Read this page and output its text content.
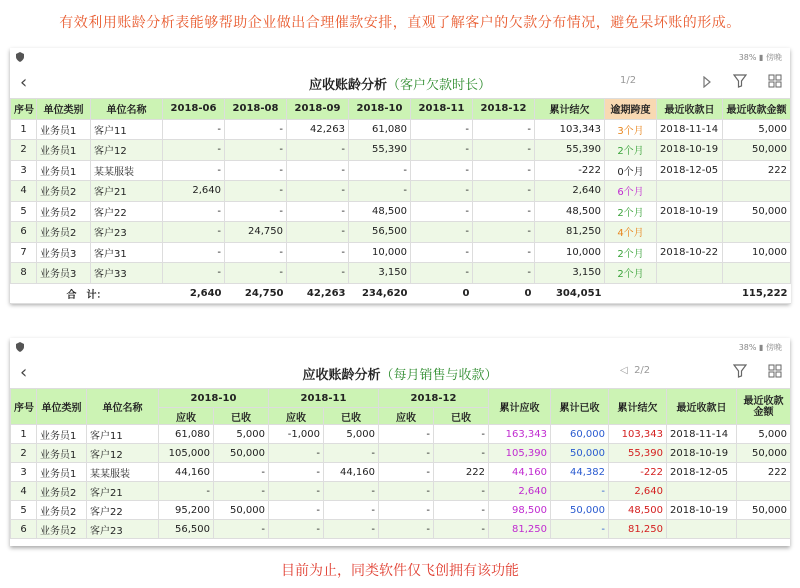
有效利用账龄分析表能够帮助企业做出合理催款安排，直观了解客户的欠款分布情况，避免呆坏账的形成。
38% ▮ 傍晚
‹	应收账龄分析（客户欠款时长）	1/2

序号	单位类别	单位名称	2018-06	2018-08	2018-09	2018-10	2018-11	2018-12	累计结欠	逾期跨度	最近收款日	最近收款金额
1	业务员1	客户11	-	-	42,263	61,080	-	-	103,343	3个月	2018-11-14	5,000
2	业务员1	客户12	-	-	-	55,390	-	-	55,390	2个月	2018-10-19	50,000
3	业务员1	某某服装	-	-	-	-	-	-	-222	0个月	2018-12-05	222
4	业务员2	客户21	2,640	-	-	-	-	-	2,640	6个月		
5	业务员2	客户22	-	-	-	48,500	-	-	48,500	2个月	2018-10-19	50,000
6	业务员2	客户23	-	24,750	-	56,500	-	-	81,250	4个月		
7	业务员3	客户31	-	-	-	10,000	-	-	10,000	2个月	2018-10-22	10,000
8	业务员3	客户33	-	-	-	3,150	-	-	3,150	2个月		
合　计：			2,640	24,750	42,263	234,620	0	0	304,051			115,222
38% ▮ 傍晚
‹	应收账龄分析（每月销售与收款）	◁ 2/2

序号	单位类别	单位名称	2018-10		2018-11		2018-12		累计应收	累计已收	累计结欠	最近收款日	最近收款金额
			应收	已收	应收	已收	应收	已收					
1	业务员1	客户11	61,080	5,000	-1,000	5,000	-	-	163,343	60,000	103,343	2018-11-14	5,000
2	业务员1	客户12	105,000	50,000	-	-	-	-	105,390	50,000	55,390	2018-10-19	50,000
3	业务员1	某某服装	44,160	-	-	44,160	-	222	44,160	44,382	-222	2018-12-05	222
4	业务员2	客户21	-	-	-	-	-	-	2,640	-	2,640		
5	业务员2	客户22	95,200	50,000	-	-	-	-	98,500	50,000	48,500	2018-10-19	50,000
6	业务员2	客户23	56,500	-	-	-	-	-	81,250	-	81,250		
目前为止，同类软件仅飞创拥有该功能
